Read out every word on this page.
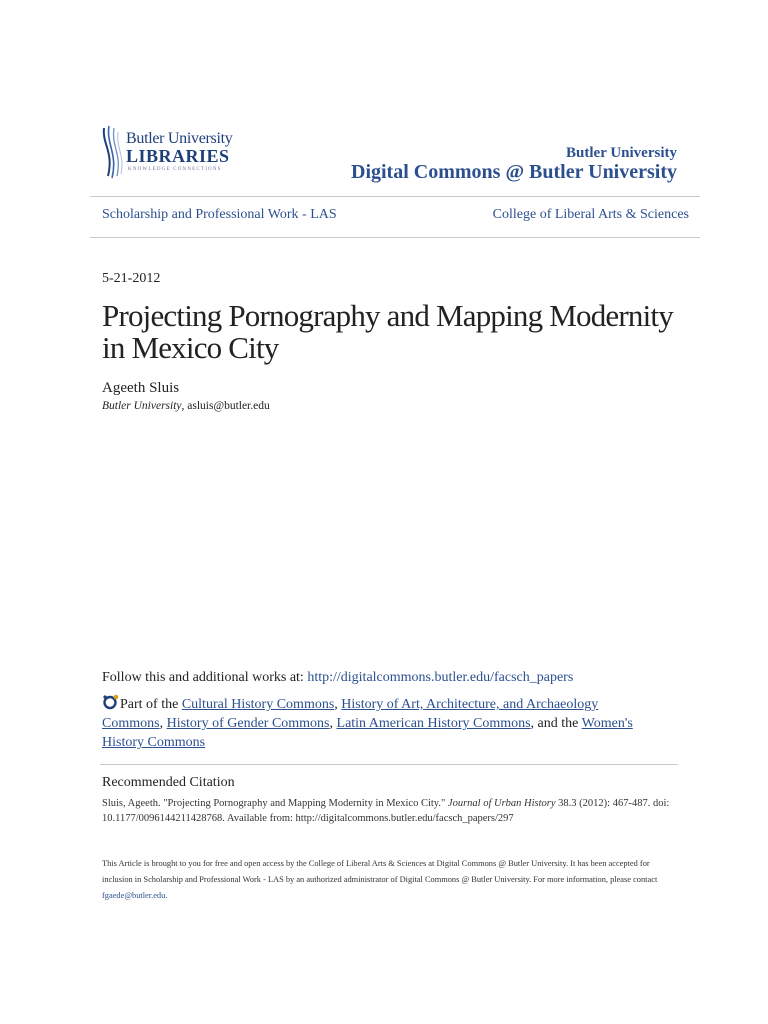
Butler University
LIBRARIES
KNOWLEDGE CONNECTIONS
Butler University
Digital Commons @ Butler University
Scholarship and Professional Work - LAS	College of Liberal Arts & Sciences
5-21-2012
Projecting Pornography and Mapping Modernity in Mexico City
Ageeth Sluis
Butler University, asluis@butler.edu
Follow this and additional works at: http://digitalcommons.butler.edu/facsch_papers
Part of the Cultural History Commons, History of Art, Architecture, and Archaeology Commons, History of Gender Commons, Latin American History Commons, and the Women's History Commons
Recommended Citation
Sluis, Ageeth. "Projecting Pornography and Mapping Modernity in Mexico City." Journal of Urban History 38.3 (2012): 467-487. doi: 10.1177/0096144211428768. Available from: http://digitalcommons.butler.edu/facsch_papers/297
This Article is brought to you for free and open access by the College of Liberal Arts & Sciences at Digital Commons @ Butler University. It has been accepted for inclusion in Scholarship and Professional Work - LAS by an authorized administrator of Digital Commons @ Butler University. For more information, please contact fgaede@butler.edu.
